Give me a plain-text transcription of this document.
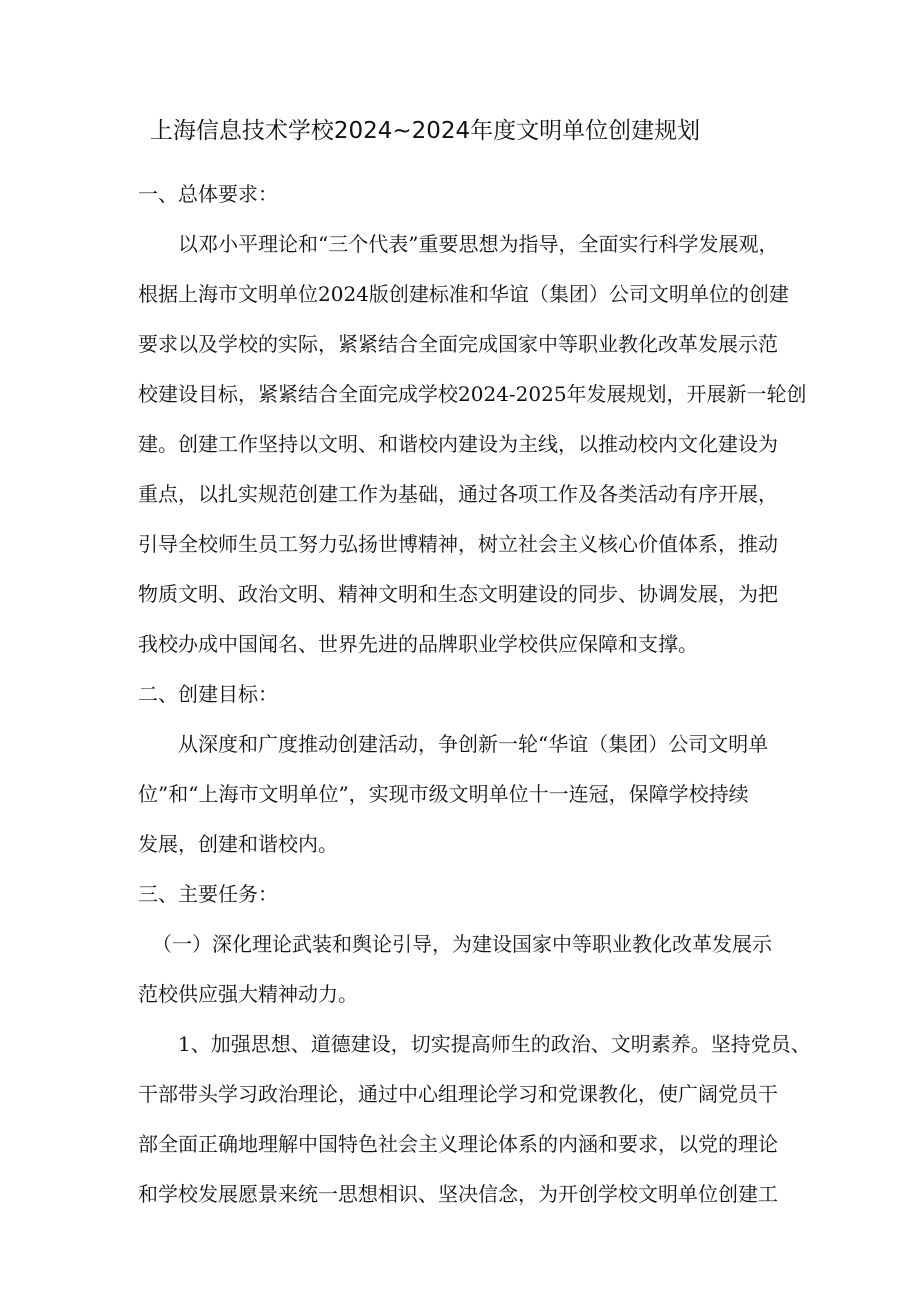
上海信息技术学校2024~2024年度文明单位创建规划
一、总体要求：
以邓小平理论和“三个代表”重要思想为指导，全面实行科学发展观，
根据上海市文明单位2024版创建标准和华谊（集团）公司文明单位的创建
要求以及学校的实际，紧紧结合全面完成国家中等职业教化改革发展示范
校建设目标，紧紧结合全面完成学校2024-2025年发展规划，开展新一轮创
建。创建工作坚持以文明、和谐校内建设为主线，以推动校内文化建设为
重点，以扎实规范创建工作为基础，通过各项工作及各类活动有序开展，
引导全校师生员工努力弘扬世博精神，树立社会主义核心价值体系，推动
物质文明、政治文明、精神文明和生态文明建设的同步、协调发展，为把
我校办成中国闻名、世界先进的品牌职业学校供应保障和支撑。
二、创建目标：
从深度和广度推动创建活动，争创新一轮“华谊（集团）公司文明单
位”和“上海市文明单位”，实现市级文明单位十一连冠，保障学校持续
发展，创建和谐校内。
三、主要任务：
（一）深化理论武装和舆论引导，为建设国家中等职业教化改革发展示
范校供应强大精神动力。
1、加强思想、道德建设，切实提高师生的政治、文明素养。坚持党员、
干部带头学习政治理论，通过中心组理论学习和党课教化，使广阔党员干
部全面正确地理解中国特色社会主义理论体系的内涵和要求，以党的理论
和学校发展愿景来统一思想相识、坚决信念，为开创学校文明单位创建工
